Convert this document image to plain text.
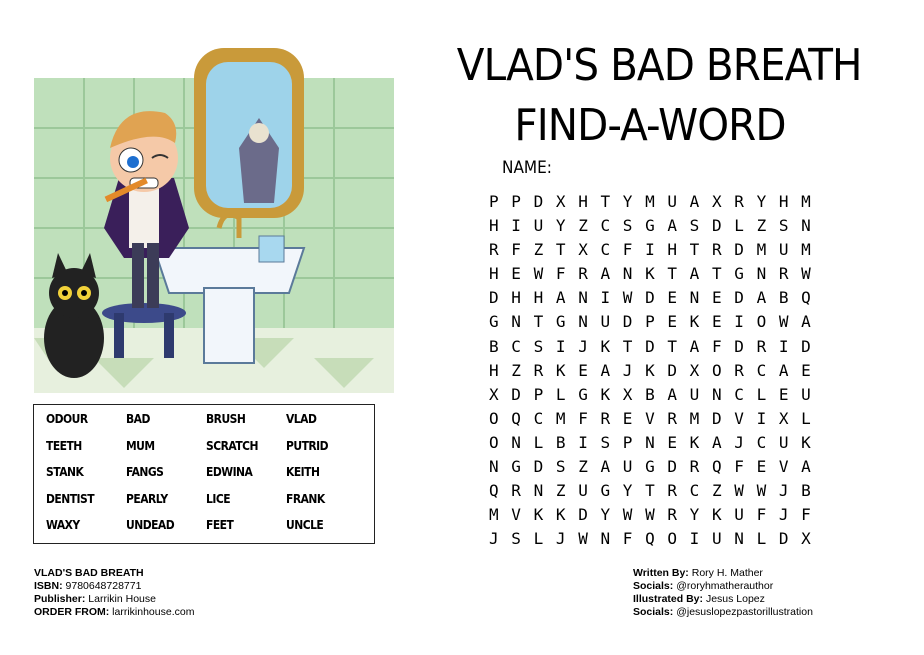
ODOUR	BAD	BRUSH	VLAD
TEETH	MUM	SCRATCH	PUTRID
STANK	FANGS	EDWINA	KEITH
DENTIST	PEARLY	LICE	FRANK
WAXY	UNDEAD	FEET	UNCLE
VLAD'S BAD BREATH
FIND-A-WORD
NAME:
P P D X H T Y M U A X R Y H M
H I U Y Z C S G A S D L Z S N
R F Z T X C F I H T R D M U M
H E W F R A N K T A T G N R W
D H H A N I W D E N E D A B Q
G N T G N U D P E K E I O W A
B C S I J K T D T A F D R I D
H Z R K E A J K D X O R C A E
X D P L G K X B A U N C L E U
O Q C M F R E V R M D V I X L
O N L B I S P N E K A J C U K
N G D S Z A U G D R Q F E V A
Q R N Z U G Y T R C Z W W J B
M V K K D Y W W R Y K U F J F
J S L J W N F Q O I U N L D X
VLAD'S BAD BREATH
ISBN: 9780648728771
Publisher: Larrikin House
ORDER FROM: larrikinhouse.com
Written By: Rory H. Mather
Socials: @roryhmatherauthor
Illustrated By: Jesus Lopez
Socials: @jesuslopezpastorillustration
